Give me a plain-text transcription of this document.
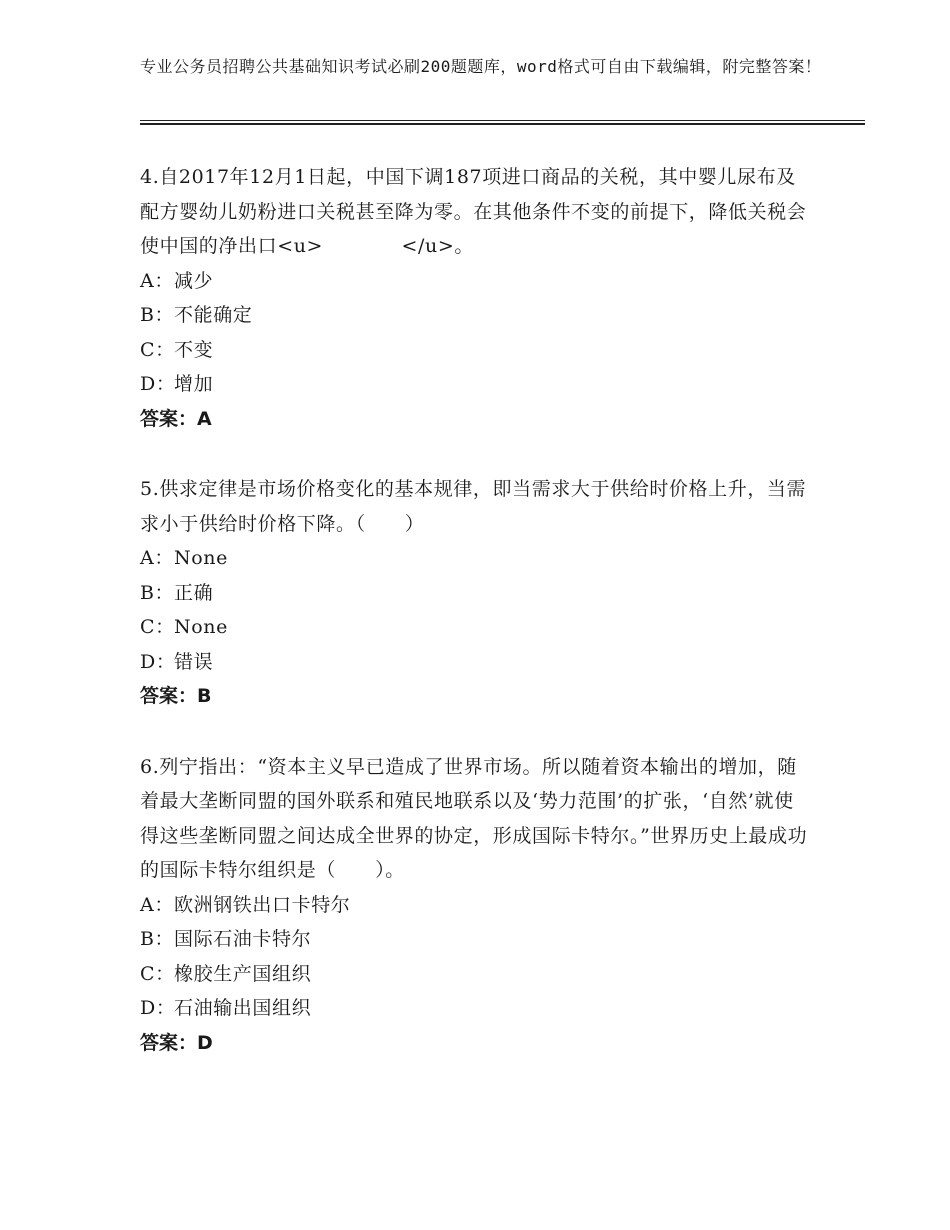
专业公务员招聘公共基础知识考试必刷200题题库，word格式可自由下载编辑，附完整答案！

4.自2017年12月1日起，中国下调187项进口商品的关税，其中婴儿尿布及配方婴幼儿奶粉进口关税甚至降为零。在其他条件不变的前提下，降低关税会使中国的净出口<u>　　　　</u>。

A： 减少
B： 不能确定
C： 不变
D：
增加
答案：A

5.供求定律是市场价格变化的基本规律，即当需求大于供给时价格上升，当需求小于供给时价格下降。（　　）

A： None
B： 正确
C： None
D：
错误
答案：B

6.列宁指出：“资本主义早已造成了世界市场。所以随着资本输出的增加，随着最大垄断同盟的国外联系和殖民地联系以及‘势力范围’的扩张，‘自然’就使得这些垄断同盟之间达成全世界的协定，形成国际卡特尔。”世界历史上最成功的国际卡特尔组织是（　　）。

A： 欧洲钢铁出口卡特尔
B： 国际石油卡特尔
C： 橡胶生产国组织
D：
石油输出国组织
答案：D
